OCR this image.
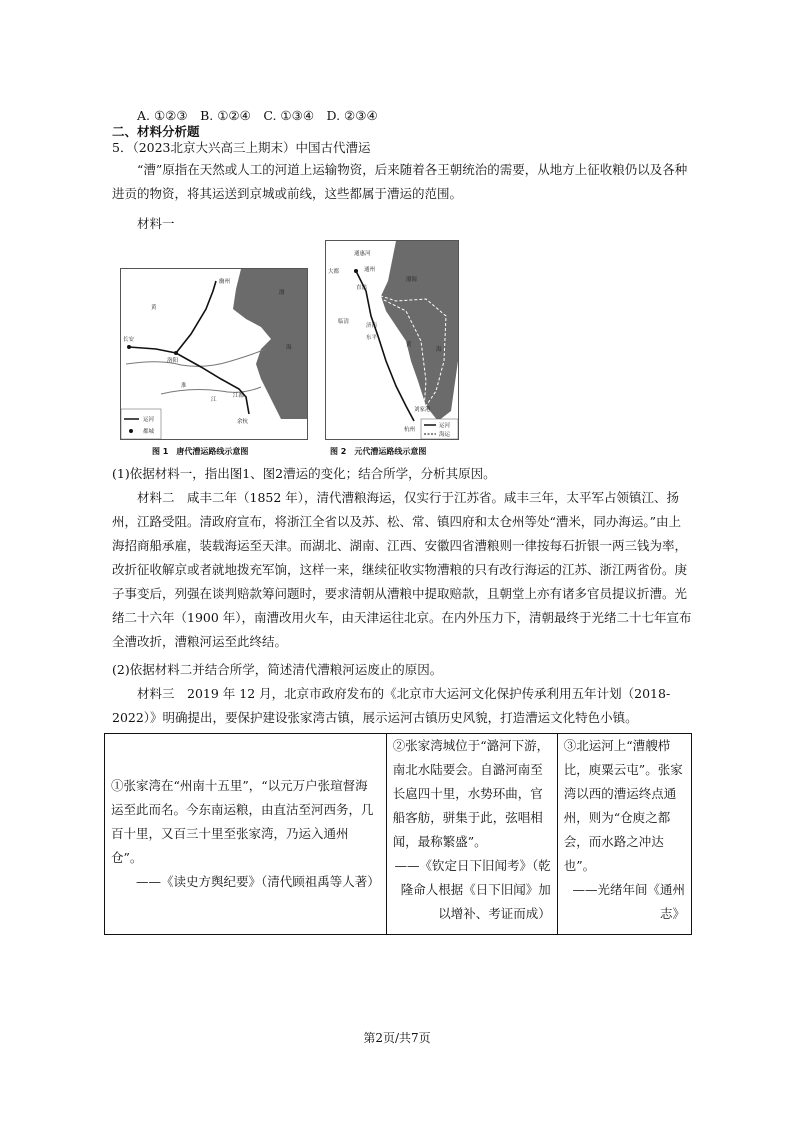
A. ①②③　B. ①②④　C. ①③④　D. ②③④
二、材料分析题
5．（2023北京大兴高三上期末）中国古代漕运
“漕”原指在天然或人工的河道上运输物资，后来随着各王朝统治的需要，从地方上征收粮仍以及各种进贡的物资，将其运送到京城或前线，这些都属于漕运的范围。
材料一
幽州
长安
洛阳
江都
余杭
渤
海
黄
淮
江
运河
都城
图 1　唐代漕运路线示意图
通惠河
大都	通州
直沽
临清
济南
东平
黄
海
渤海
刘家港
杭州
运河
海运
图 2　元代漕运路线示意图
(1)依据材料一，指出图1、图2漕运的变化；结合所学，分析其原因。
材料二　咸丰二年（1852 年），清代漕粮海运，仅实行于江苏省。咸丰三年，太平军占领镇江、扬州，江路受阻。清政府宣布，将浙江全省以及苏、松、常、镇四府和太仓州等处“漕米，同办海运。”由上海招商船承雇，装载海运至天津。而湖北、湖南、江西、安徽四省漕粮则一律按每石折银一两三钱为率，改折征收解京或者就地拨充军饷，这样一来，继续征收实物漕粮的只有改行海运的江苏、浙江两省份。庚子事变后，列强在谈判赔款筹问题时，要求清朝从漕粮中提取赔款，且朝堂上亦有诸多官员提议折漕。光绪二十六年（1900 年），南漕改用火车，由天津运往北京。在内外压力下，清朝最终于光绪二十七年宣布全漕改折，漕粮河运至此终结。
(2)依据材料二并结合所学，简述清代漕粮河运废止的原因。
材料三　2019 年 12 月，北京市政府发布的《北京市大运河文化保护传承利用五年计划（2018-2022）》明确提出，要保护建设张家湾古镇，展示运河古镇历史风貌，打造漕运文化特色小镇。
①张家湾在“州南十五里”，“以元万户张瑄督海运至此而名。今东南运粮，由直沽至河西务，几百十里，又百三十里至张家湾，乃运入通州仓”。
——《读史方舆纪要》（清代顾祖禹等人著）

②张家湾城位于“潞河下游，南北水陆要会。自潞河南至长扈四十里，水势环曲，官船客舫，骈集于此，弦唱相闻，最称繁盛”。
——《钦定日下旧闻考》（乾隆命人根据《日下旧闻》加以增补、考证而成）

③北运河上“漕艘栉比，庾粟云屯”。张家湾以西的漕运终点通州，则为“仓庾之都会，而水路之冲达也”。
——光绪年间《通州志》
第2页/共7页
